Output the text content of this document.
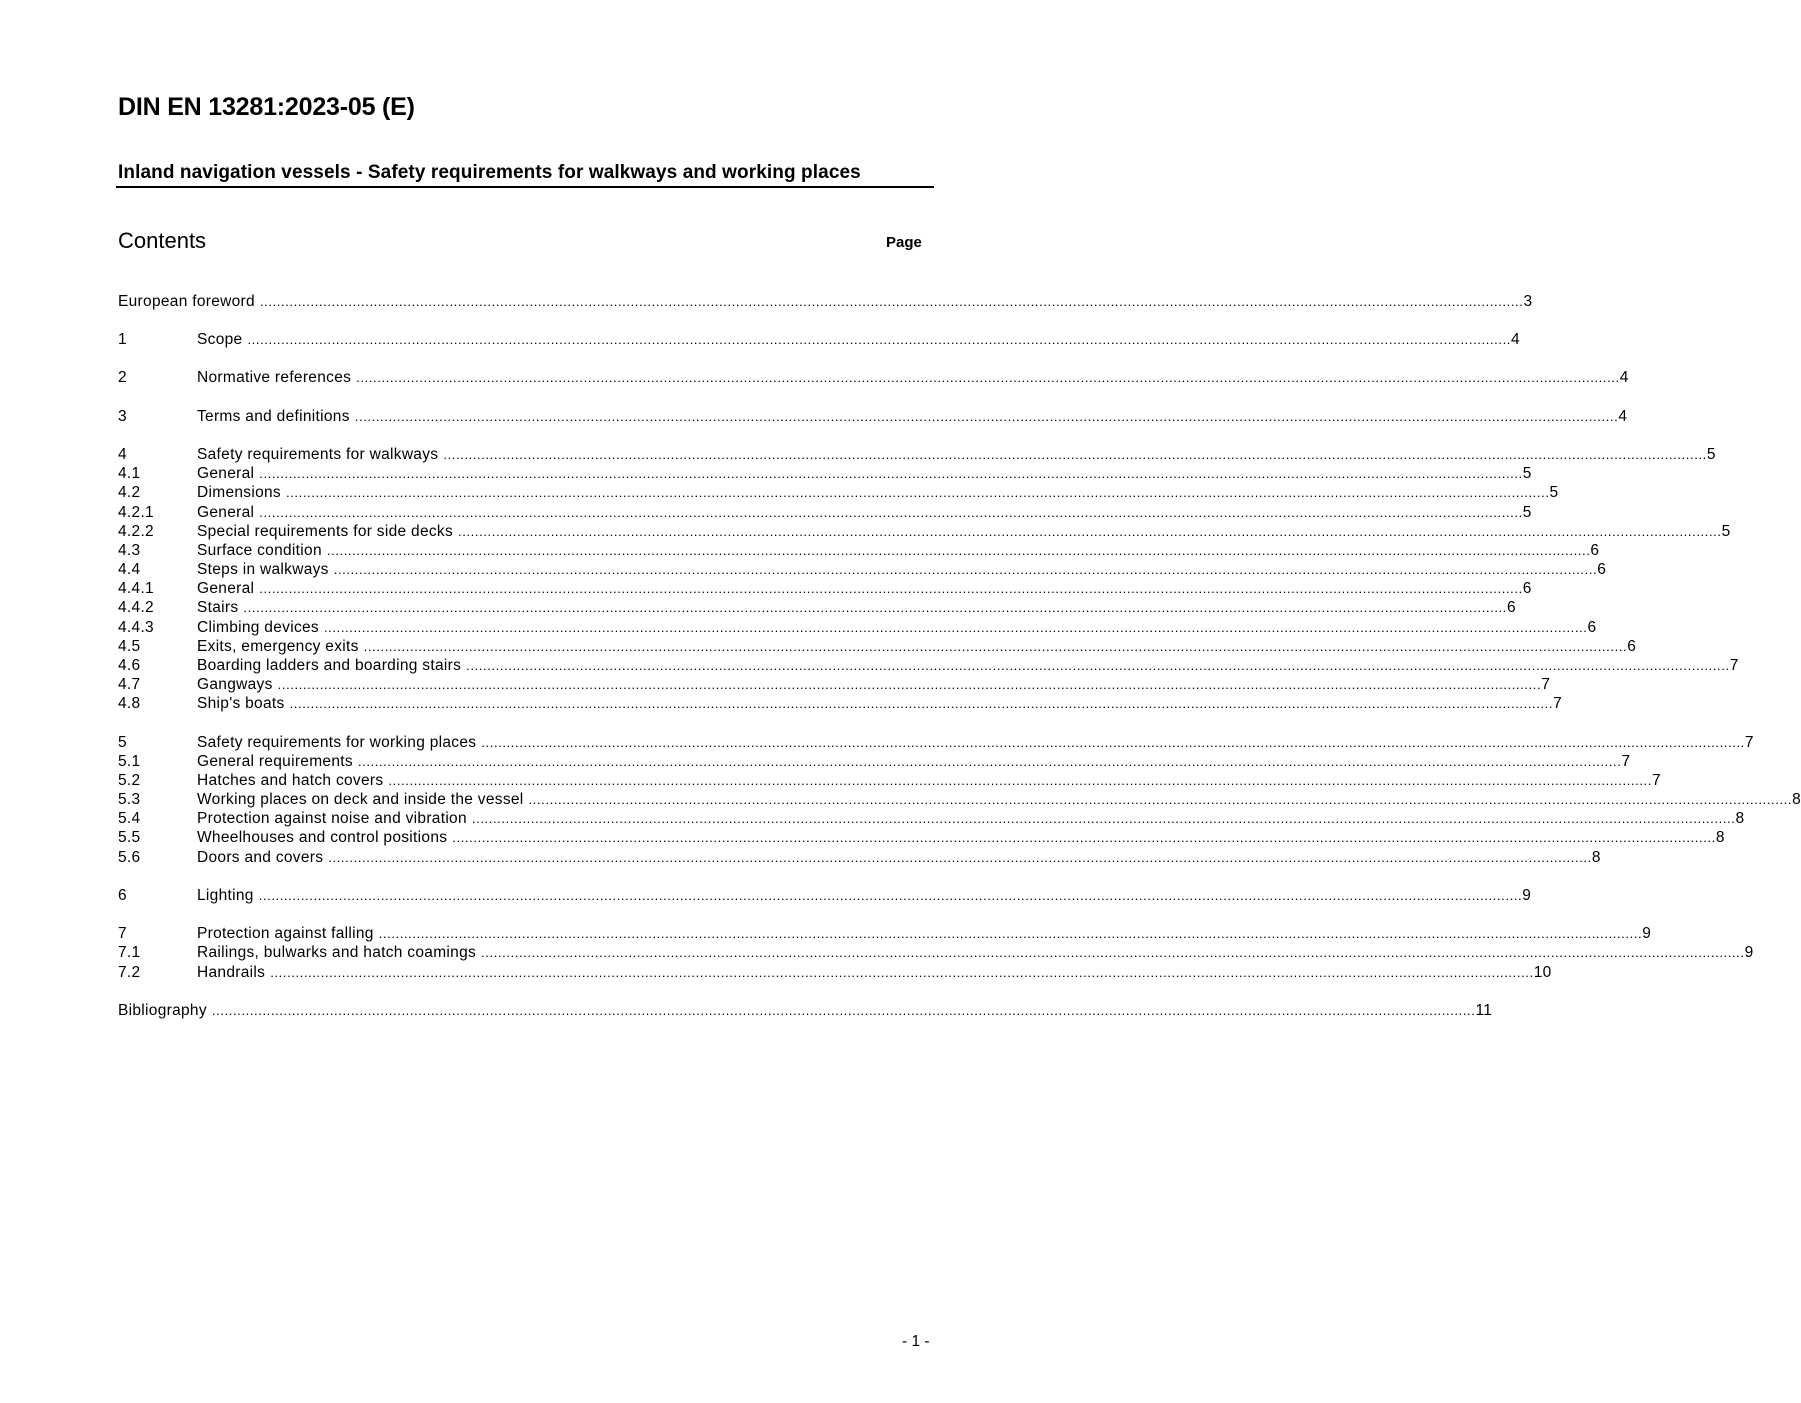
DIN EN 13281:2023-05 (E)
Inland navigation vessels - Safety requirements for walkways and working places
Contents	Page
European foreword ............................................................................................................................................................................................................................................................................................................ 3
1	Scope ............................................................................................................................................................................................................................................................................................................ 4
2	Normative references ............................................................................................................................................................................................................................................................................................................ 4
3	Terms and definitions ............................................................................................................................................................................................................................................................................................................ 4
4	Safety requirements for walkways ............................................................................................................................................................................................................................................................................................................ 5
4.1	General ............................................................................................................................................................................................................................................................................................................ 5
4.2	Dimensions ............................................................................................................................................................................................................................................................................................................ 5
4.2.1	General ............................................................................................................................................................................................................................................................................................................ 5
4.2.2	Special requirements for side decks ............................................................................................................................................................................................................................................................................................................ 5
4.3	Surface condition ............................................................................................................................................................................................................................................................................................................ 6
4.4	Steps in walkways ............................................................................................................................................................................................................................................................................................................ 6
4.4.1	General ............................................................................................................................................................................................................................................................................................................ 6
4.4.2	Stairs ............................................................................................................................................................................................................................................................................................................ 6
4.4.3	Climbing devices ............................................................................................................................................................................................................................................................................................................ 6
4.5	Exits, emergency exits ............................................................................................................................................................................................................................................................................................................ 6
4.6	Boarding ladders and boarding stairs ............................................................................................................................................................................................................................................................................................................ 7
4.7	Gangways ............................................................................................................................................................................................................................................................................................................ 7
4.8	Ship's boats ............................................................................................................................................................................................................................................................................................................ 7
5	Safety requirements for working places ............................................................................................................................................................................................................................................................................................................ 7
5.1	General requirements ............................................................................................................................................................................................................................................................................................................ 7
5.2	Hatches and hatch covers ............................................................................................................................................................................................................................................................................................................ 7
5.3	Working places on deck and inside the vessel ............................................................................................................................................................................................................................................................................................................ 8
5.4	Protection against noise and vibration ............................................................................................................................................................................................................................................................................................................ 8
5.5	Wheelhouses and control positions ............................................................................................................................................................................................................................................................................................................ 8
5.6	Doors and covers ............................................................................................................................................................................................................................................................................................................ 8
6	Lighting ............................................................................................................................................................................................................................................................................................................ 9
7	Protection against falling ............................................................................................................................................................................................................................................................................................................ 9
7.1	Railings, bulwarks and hatch coamings ............................................................................................................................................................................................................................................................................................................ 9
7.2	Handrails ............................................................................................................................................................................................................................................................................................................ 10
Bibliography ............................................................................................................................................................................................................................................................................................................ 11
- 1 -
